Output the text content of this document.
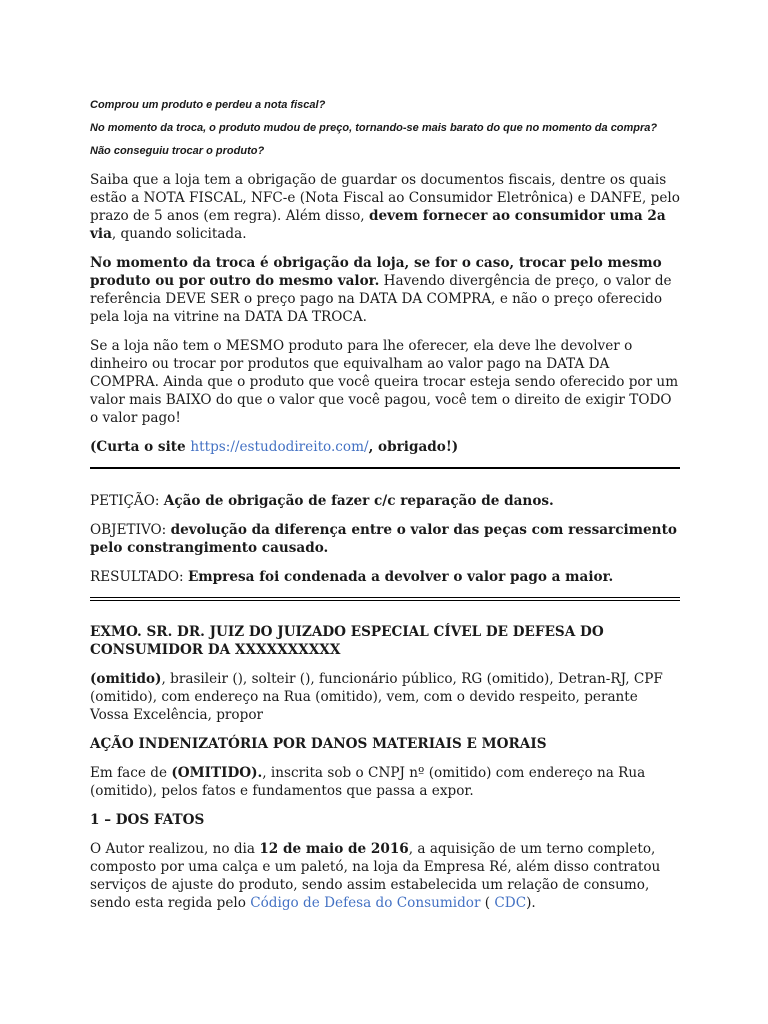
Comprou um produto e perdeu a nota fiscal?
No momento da troca, o produto mudou de preço, tornando-se mais barato do que no momento da compra?
Não conseguiu trocar o produto?
Saiba que a loja tem a obrigação de guardar os documentos fiscais, dentre os quais estão a NOTA FISCAL, NFC-e (Nota Fiscal ao Consumidor Eletrônica) e DANFE, pelo prazo de 5 anos (em regra). Além disso, devem fornecer ao consumidor uma 2a via, quando solicitada.
No momento da troca é obrigação da loja, se for o caso, trocar pelo mesmo produto ou por outro do mesmo valor. Havendo divergência de preço, o valor de referência DEVE SER o preço pago na DATA DA COMPRA, e não o preço oferecido pela loja na vitrine na DATA DA TROCA.
Se a loja não tem o MESMO produto para lhe oferecer, ela deve lhe devolver o dinheiro ou trocar por produtos que equivalham ao valor pago na DATA DA COMPRA. Ainda que o produto que você queira trocar esteja sendo oferecido por um valor mais BAIXO do que o valor que você pagou, você tem o direito de exigir TODO o valor pago!
(Curta o site https://estudodireito.com/, obrigado!)
PETIÇÃO: Ação de obrigação de fazer c/c reparação de danos.
OBJETIVO: devolução da diferença entre o valor das peças com ressarcimento pelo constrangimento causado.
RESULTADO: Empresa foi condenada a devolver o valor pago a maior.
EXMO. SR. DR. JUIZ DO JUIZADO ESPECIAL CÍVEL DE DEFESA DO CONSUMIDOR DA XXXXXXXXXX
(omitido), brasileir (), solteir (), funcionário público, RG (omitido), Detran-RJ, CPF (omitido), com endereço na Rua (omitido), vem, com o devido respeito, perante Vossa Excelência, propor
AÇÃO INDENIZATÓRIA POR DANOS MATERIAIS E MORAIS
Em face de (OMITIDO)., inscrita sob o CNPJ nº (omitido) com endereço na Rua (omitido), pelos fatos e fundamentos que passa a expor.
1 – DOS FATOS
O Autor realizou, no dia 12 de maio de 2016, a aquisição de um terno completo, composto por uma calça e um paletó, na loja da Empresa Ré, além disso contratou serviços de ajuste do produto, sendo assim estabelecida um relação de consumo, sendo esta regida pelo Código de Defesa do Consumidor ( CDC).
